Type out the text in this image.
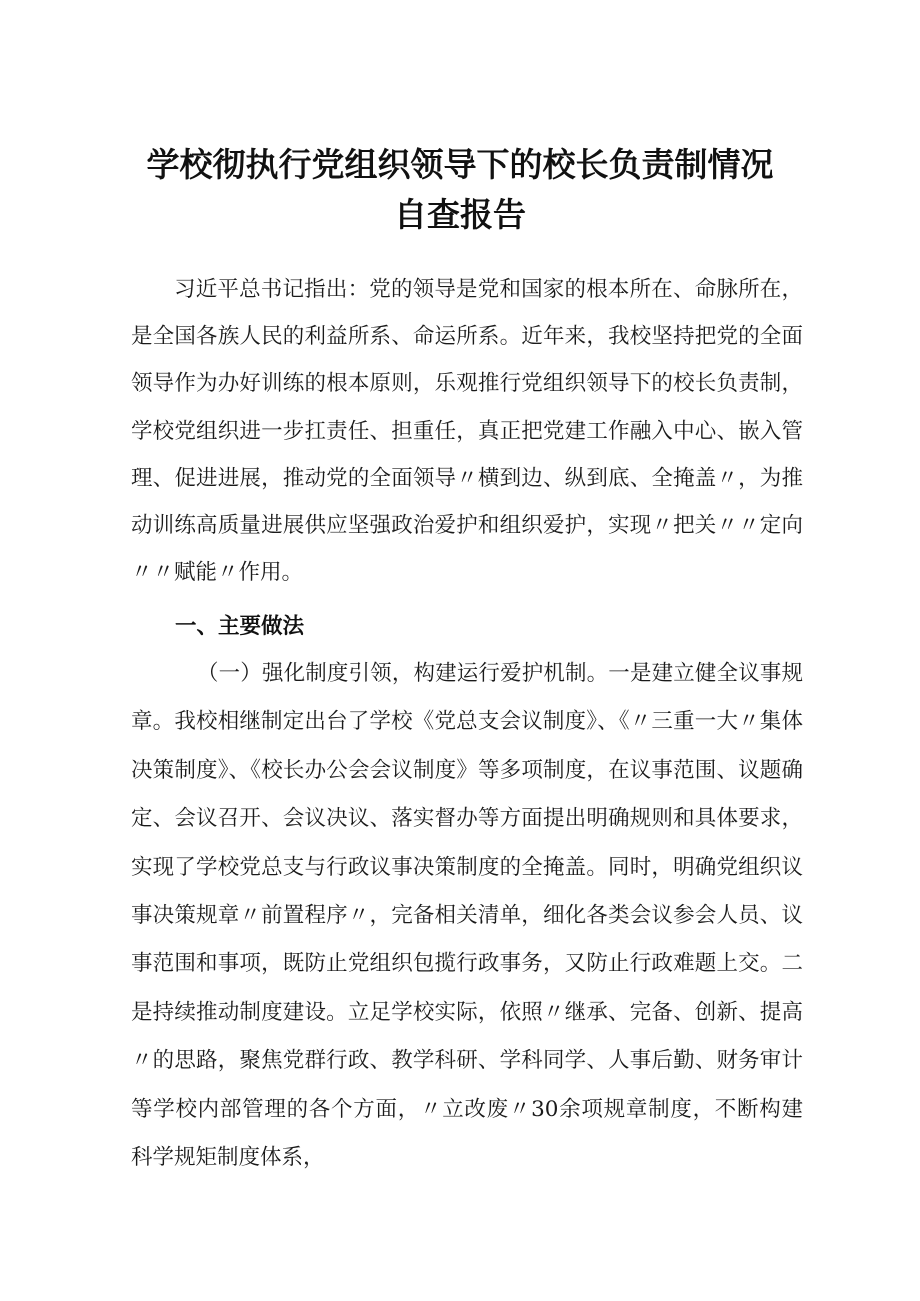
学校彻执行党组织领导下的校长负责制情况
自查报告

习近平总书记指出：党的领导是党和国家的根本所在、命脉所在，是全国各族人民的利益所系、命运所系。近年来，我校坚持把党的全面领导作为办好训练的根本原则，乐观推行党组织领导下的校长负责制，学校党组织进一步扛责任、担重任，真正把党建工作融入中心、嵌入管理、促进进展，推动党的全面领导〃横到边、纵到底、全掩盖〃，为推动训练高质量进展供应坚强政治爱护和组织爱护，实现〃把关〃〃定向〃〃赋能〃作用。

一、主要做法

（一）强化制度引领，构建运行爱护机制。一是建立健全议事规章。我校相继制定出台了学校《党总支会议制度》、《〃三重一大〃集体决策制度》、《校长办公会会议制度》等多项制度，在议事范围、议题确定、会议召开、会议决议、落实督办等方面提出明确规则和具体要求，实现了学校党总支与行政议事决策制度的全掩盖。同时，明确党组织议事决策规章〃前置程序〃，完备相关清单，细化各类会议参会人员、议事范围和事项，既防止党组织包揽行政事务，又防止行政难题上交。二是持续推动制度建设。立足学校实际，依照〃继承、完备、创新、提高〃的思路，聚焦党群行政、教学科研、学科同学、人事后勤、财务审计等学校内部管理的各个方面，〃立改废〃30余项规章制度，不断构建科学规矩制度体系，
